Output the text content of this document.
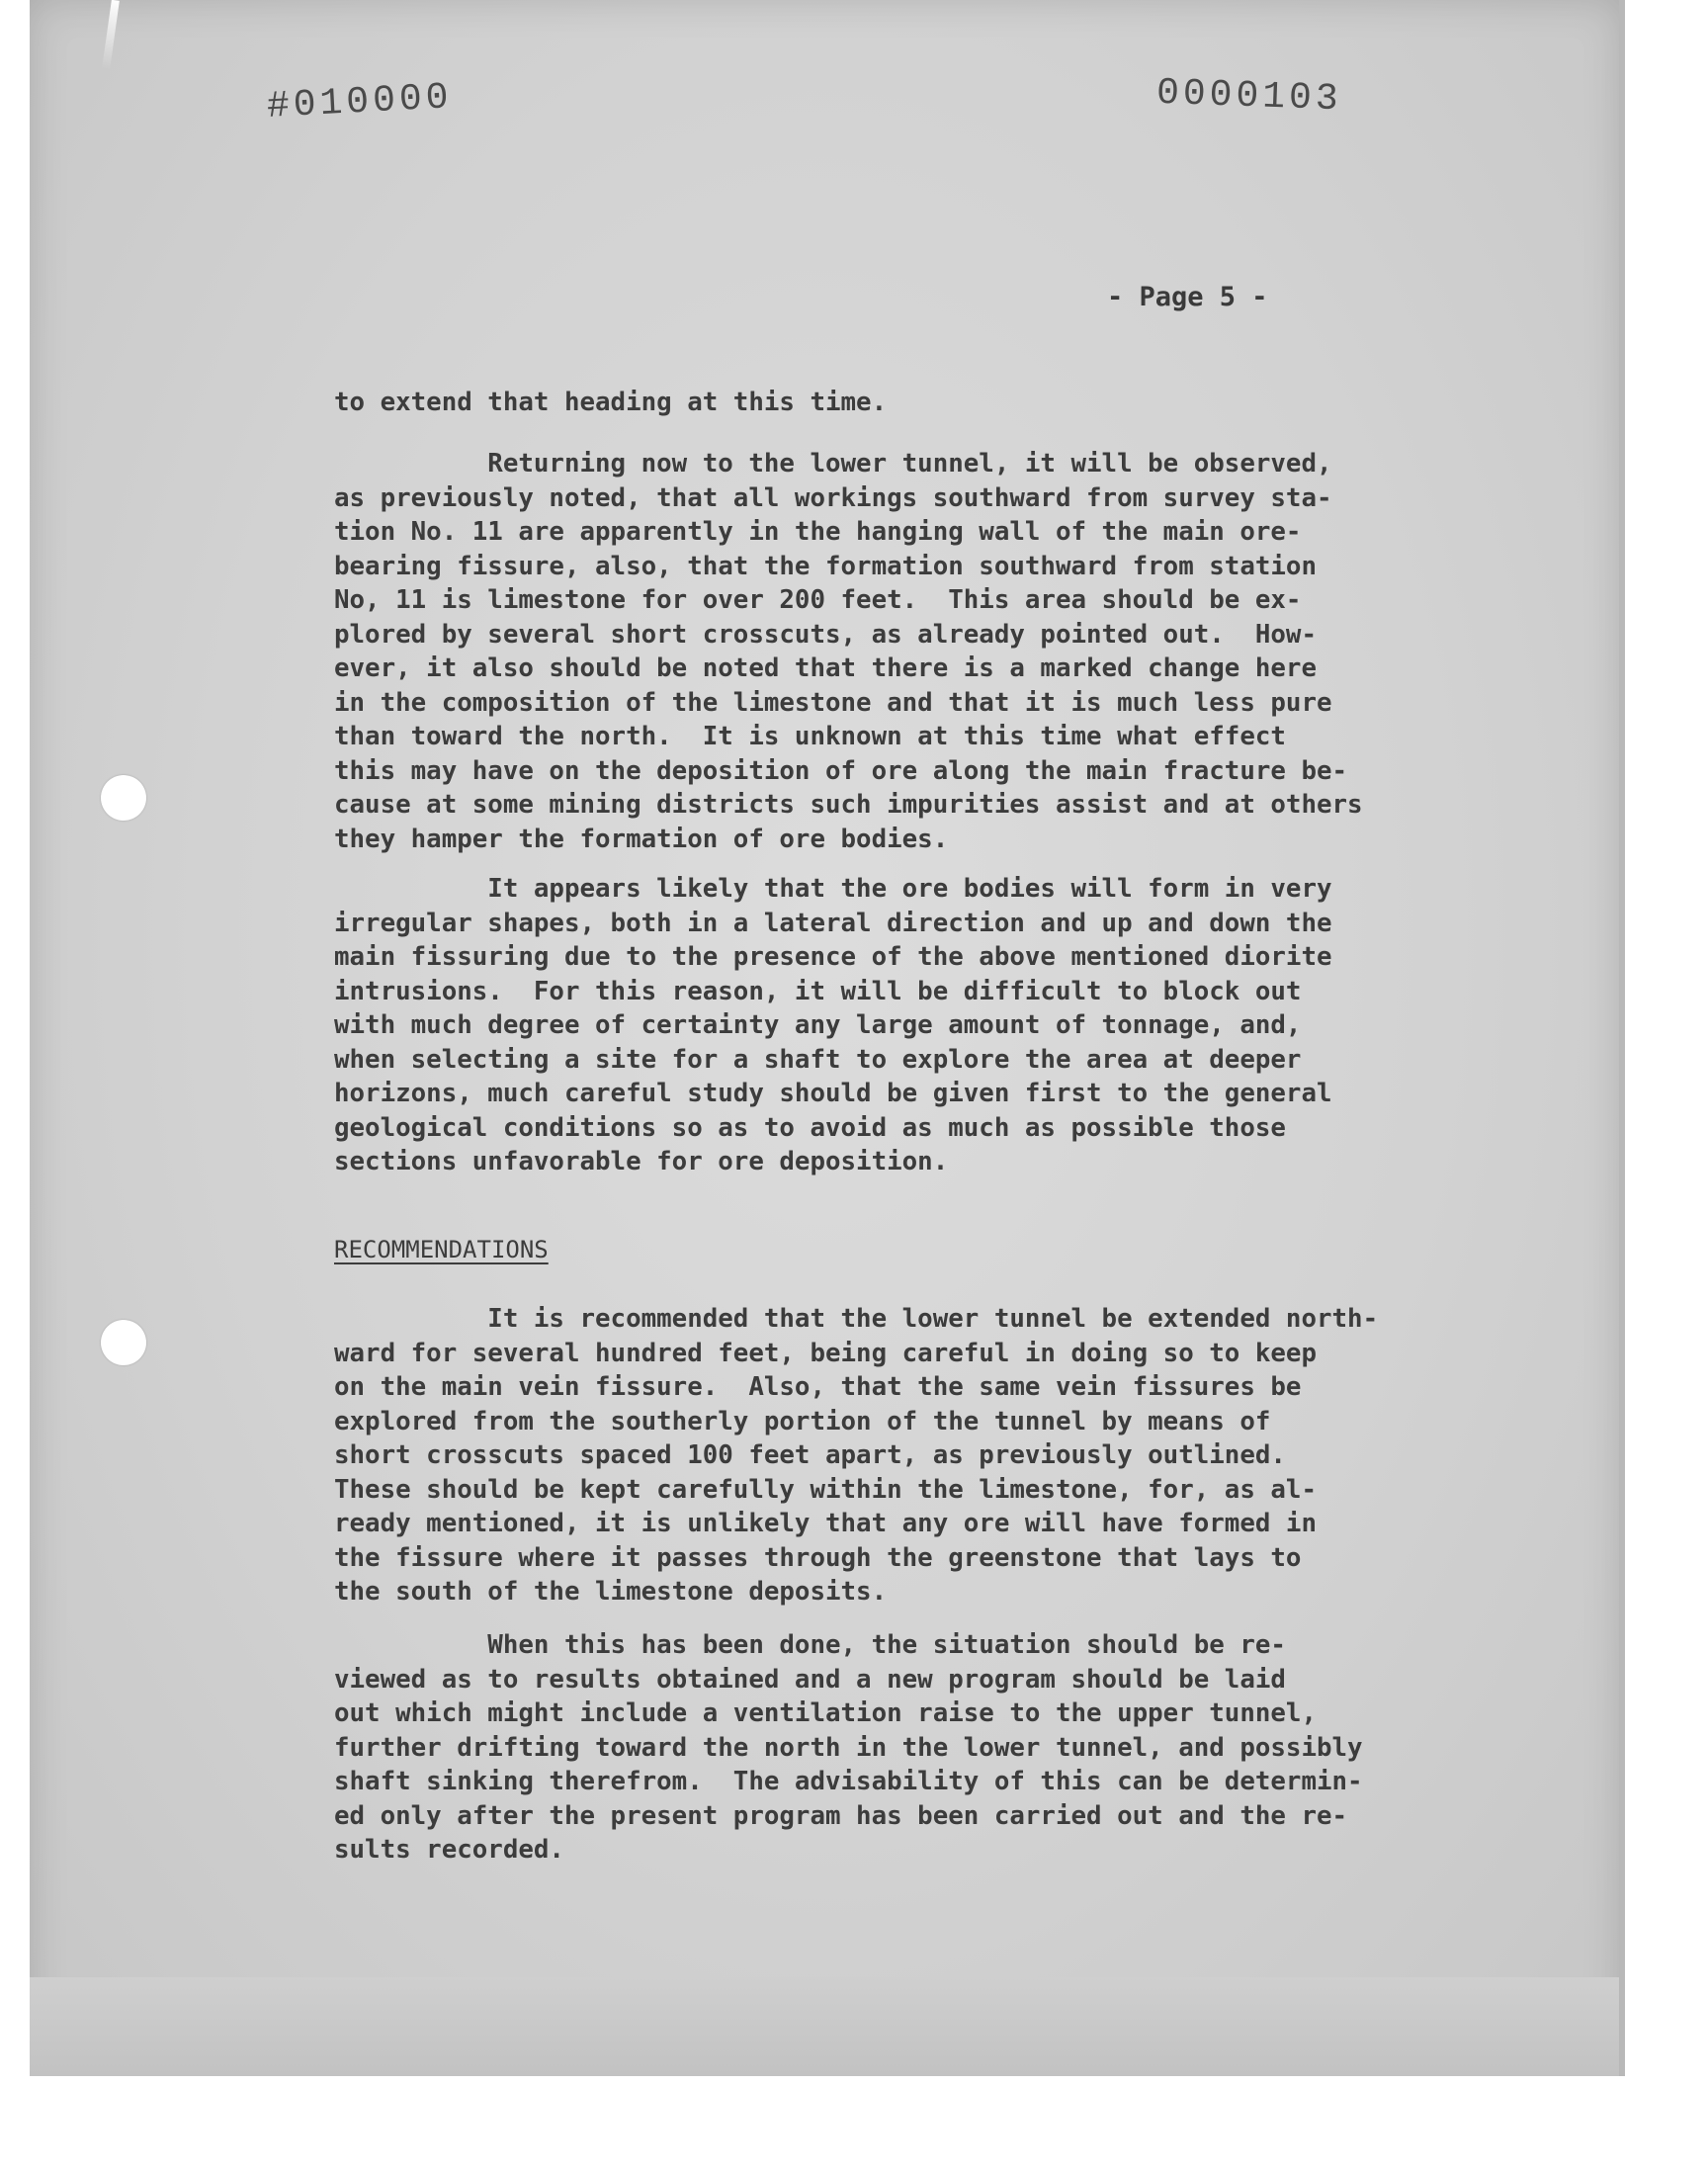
#010000	0000103
- Page 5 -

to extend that heading at this time.

Returning now to the lower tunnel, it will be observed,
as previously noted, that all workings southward from survey sta-
tion No. 11 are apparently in the hanging wall of the main ore-
bearing fissure, also, that the formation southward from station
No, 11 is limestone for over 200 feet.  This area should be ex-
plored by several short crosscuts, as already pointed out.  How-
ever, it also should be noted that there is a marked change here
in the composition of the limestone and that it is much less pure
than toward the north.  It is unknown at this time what effect
this may have on the deposition of ore along the main fracture be-
cause at some mining districts such impurities assist and at others
they hamper the formation of ore bodies.

It appears likely that the ore bodies will form in very
irregular shapes, both in a lateral direction and up and down the
main fissuring due to the presence of the above mentioned diorite
intrusions.  For this reason, it will be difficult to block out
with much degree of certainty any large amount of tonnage, and,
when selecting a site for a shaft to explore the area at deeper
horizons, much careful study should be given first to the general
geological conditions so as to avoid as much as possible those
sections unfavorable for ore deposition.

RECOMMENDATIONS

It is recommended that the lower tunnel be extended north-
ward for several hundred feet, being careful in doing so to keep
on the main vein fissure.  Also, that the same vein fissures be
explored from the southerly portion of the tunnel by means of
short crosscuts spaced 100 feet apart, as previously outlined.
These should be kept carefully within the limestone, for, as al-
ready mentioned, it is unlikely that any ore will have formed in
the fissure where it passes through the greenstone that lays to
the south of the limestone deposits.

When this has been done, the situation should be re-
viewed as to results obtained and a new program should be laid
out which might include a ventilation raise to the upper tunnel,
further drifting toward the north in the lower tunnel, and possibly
shaft sinking therefrom.  The advisability of this can be determin-
ed only after the present program has been carried out and the re-
sults recorded.
